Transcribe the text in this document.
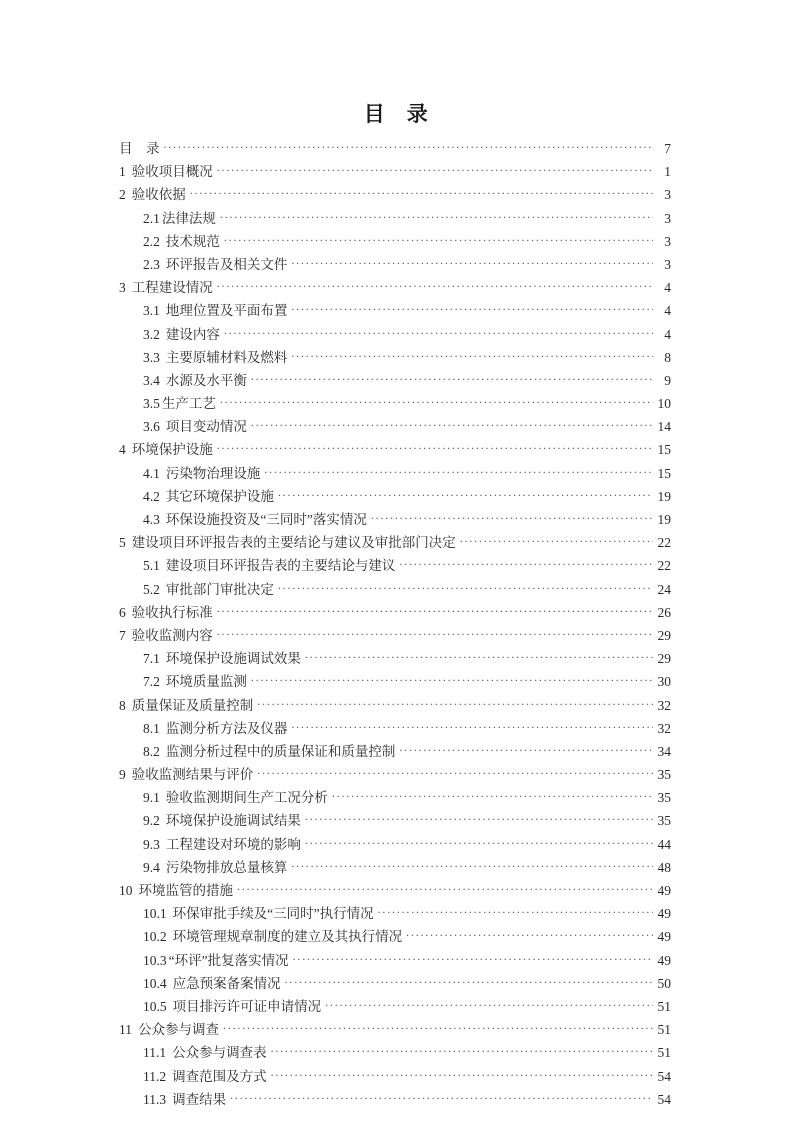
目　录
目　录 . . .	7
1 验收项目概况 . . .	1
2 验收依据 . . .	3
2.1 法律法规 . . .	3
2.2 技术规范 . . .	3
2.3 环评报告及相关文件 . . .	3
3 工程建设情况 . . .	4
3.1 地理位置及平面布置 . . .	4
3.2 建设内容 . . .	4
3.3 主要原辅材料及燃料 . . .	8
3.4 水源及水平衡 . . .	9
3.5 生产工艺 . . .	10
3.6 项目变动情况 . . .	14
4 环境保护设施 . . .	15
4.1 污染物治理设施 . . .	15
4.2 其它环境保护设施 . . .	19
4.3 环保设施投资及“三同时”落实情况 . . .	19
5 建设项目环评报告表的主要结论与建议及审批部门决定 . . .	22
5.1 建设项目环评报告表的主要结论与建议 . . .	22
5.2 审批部门审批决定 . . .	24
6 验收执行标准 . . .	26
7 验收监测内容 . . .	29
7.1 环境保护设施调试效果 . . .	29
7.2 环境质量监测 . . .	30
8 质量保证及质量控制 . . .	32
8.1 监测分析方法及仪器 . . .	32
8.2 监测分析过程中的质量保证和质量控制 . . .	34
9 验收监测结果与评价 . . .	35
9.1 验收监测期间生产工况分析 . . .	35
9.2 环境保护设施调试结果 . . .	35
9.3 工程建设对环境的影响 . . .	44
9.4 污染物排放总量核算 . . .	48
10 环境监管的措施 . . .	49
10.1 环保审批手续及“三同时”执行情况 . . .	49
10.2 环境管理规章制度的建立及其执行情况 . . .	49
10.3 “环评”批复落实情况 . . .	49
10.4 应急预案备案情况 . . .	50
10.5 项目排污许可证申请情况 . . .	51
11 公众参与调查 . . .	51
11.1 公众参与调查表 . . .	51
11.2 调查范围及方式 . . .	54
11.3 调查结果 . . .	54
